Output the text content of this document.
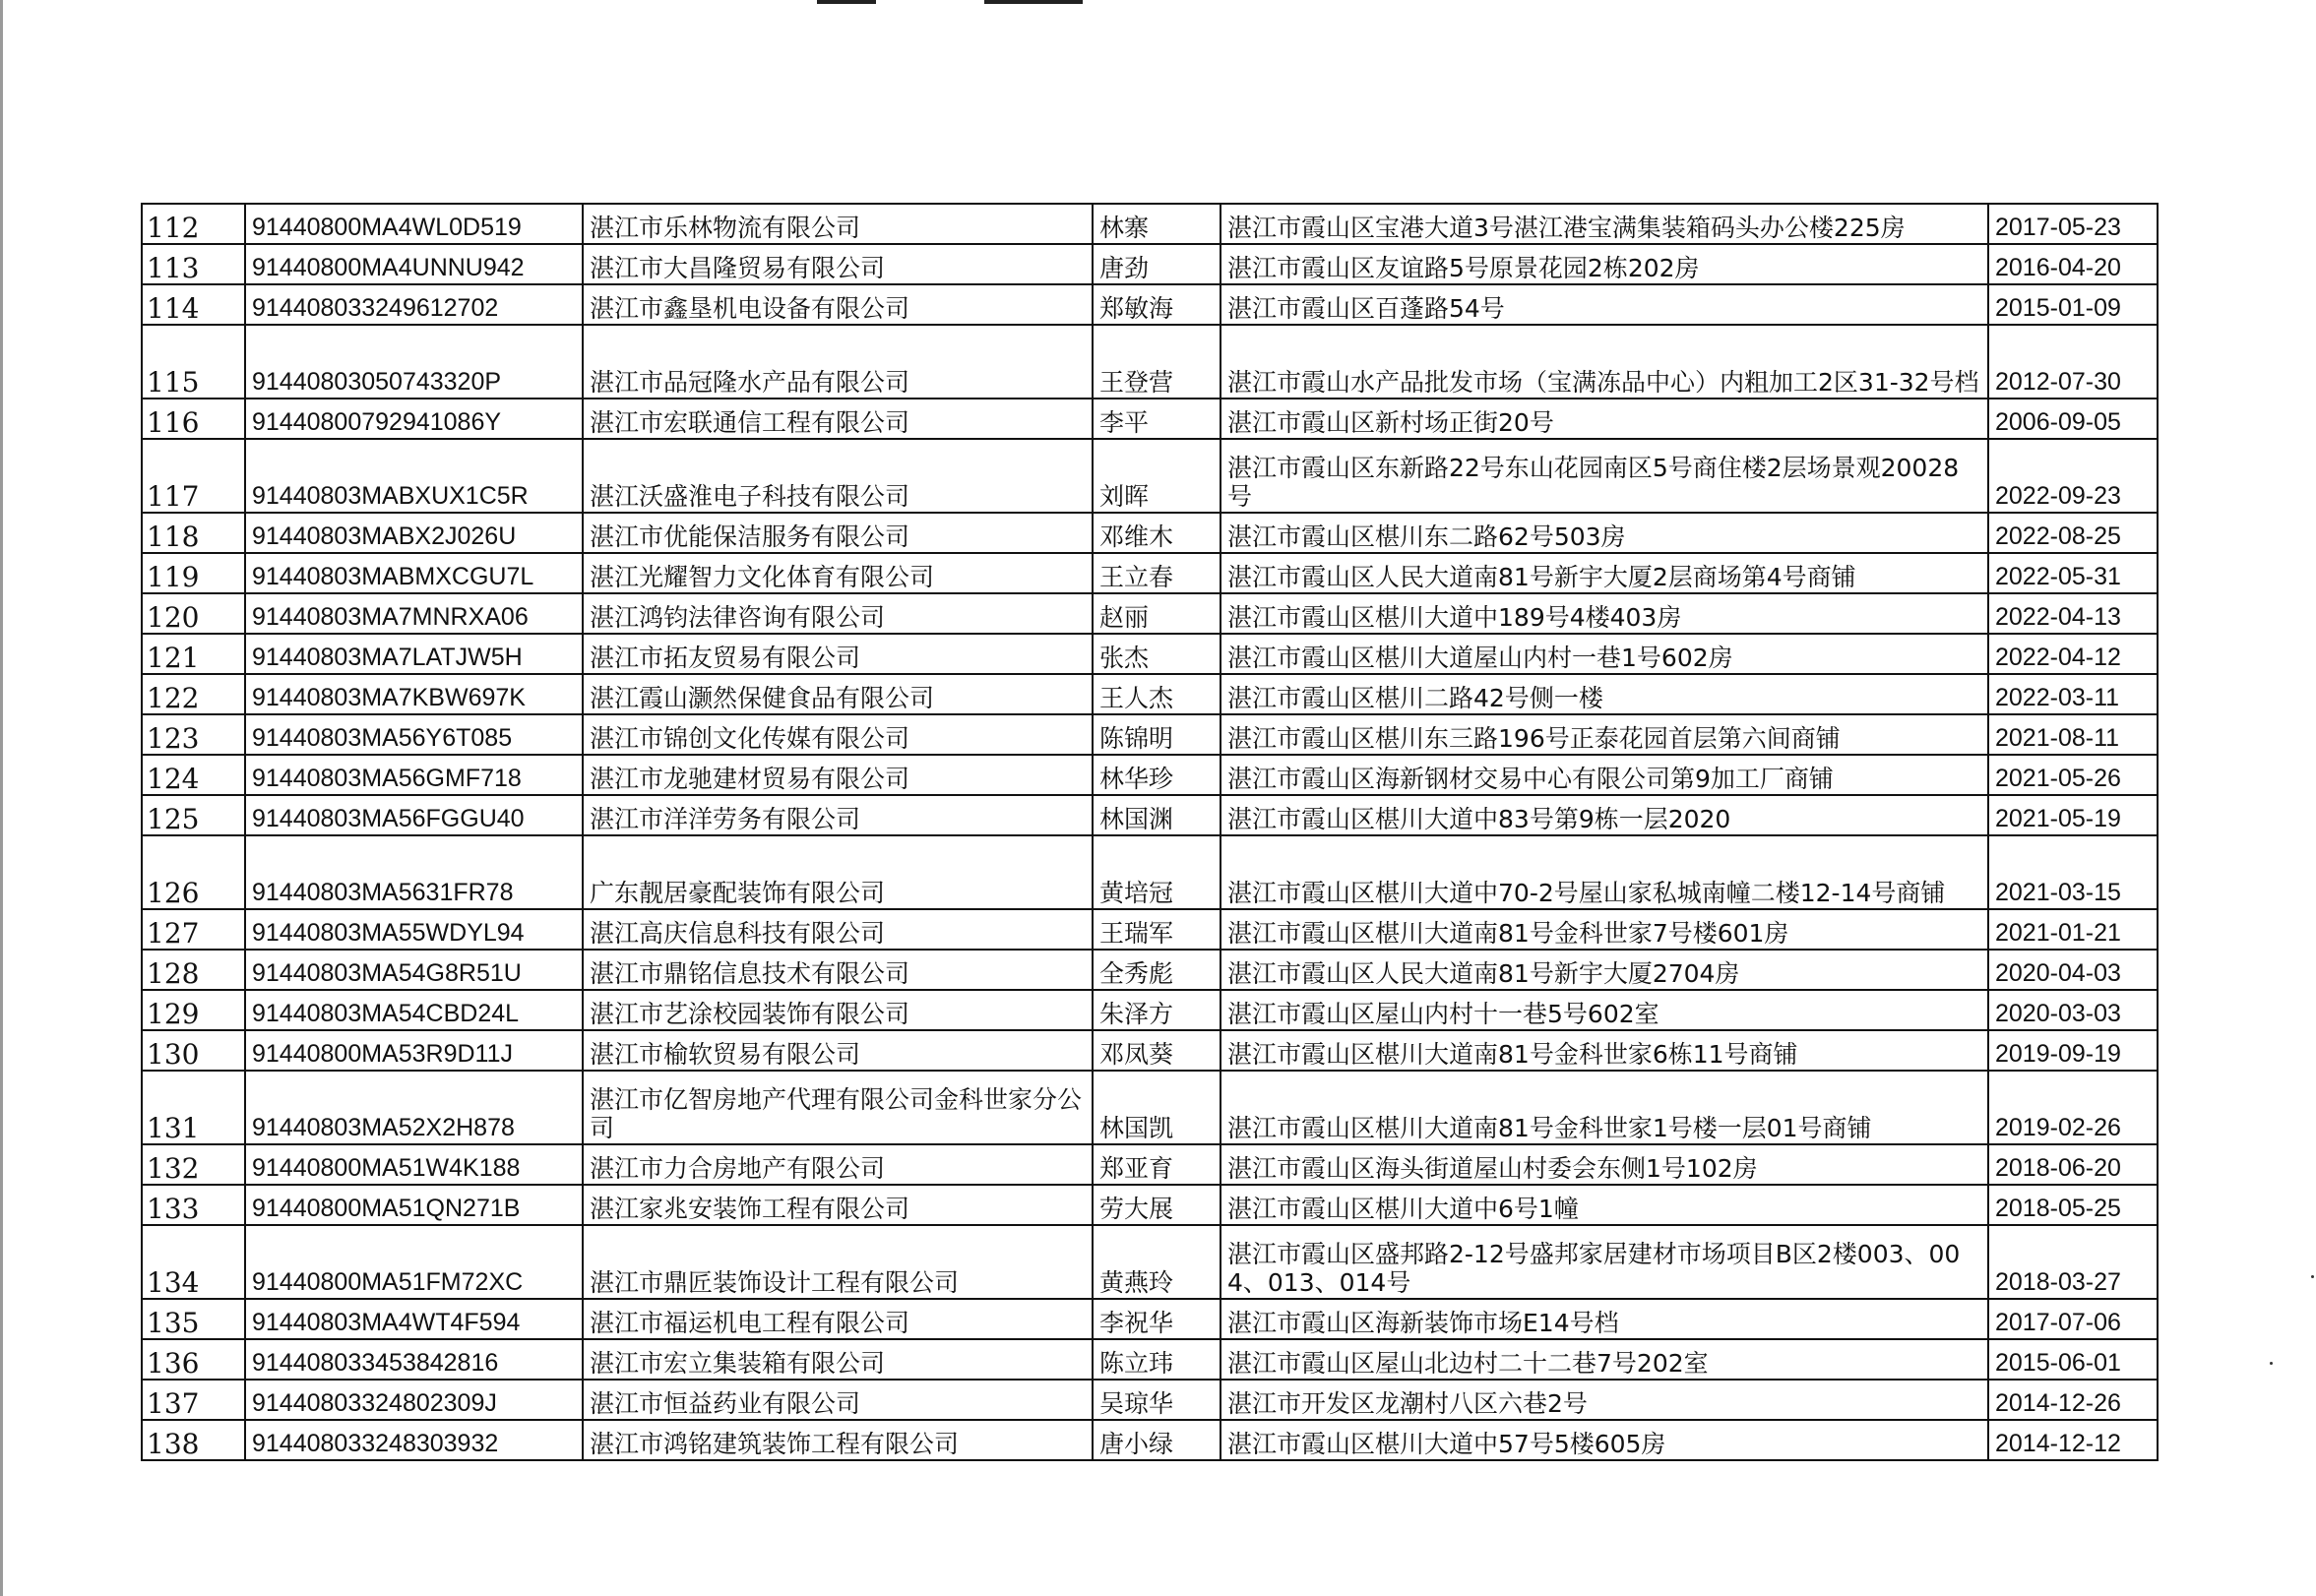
112	91440800MA4WL0D519	湛江市乐林物流有限公司	林寨	湛江市霞山区宝港大道3号湛江港宝满集装箱码头办公楼225房	2017-05-23
113	91440800MA4UNNU942	湛江市大昌隆贸易有限公司	唐劲	湛江市霞山区友谊路5号原景花园2栋202房	2016-04-20
114	914408033249612702	湛江市鑫垦机电设备有限公司	郑敏海	湛江市霞山区百蓬路54号	2015-01-09
115	91440803050743320P	湛江市品冠隆水产品有限公司	王登营	湛江市霞山水产品批发市场（宝满冻品中心）内粗加工2区31-32号档	2012-07-30
116	91440800792941086Y	湛江市宏联通信工程有限公司	李平	湛江市霞山区新村场正街20号	2006-09-05
117	91440803MABXUX1C5R	湛江沃盛淮电子科技有限公司	刘晖	湛江市霞山区东新路22号东山花园南区5号商住楼2层场景观20028号	2022-09-23
118	91440803MABX2J026U	湛江市优能保洁服务有限公司	邓维木	湛江市霞山区椹川东二路62号503房	2022-08-25
119	91440803MABMXCGU7L	湛江光耀智力文化体育有限公司	王立春	湛江市霞山区人民大道南81号新宇大厦2层商场第4号商铺	2022-05-31
120	91440803MA7MNRXA06	湛江鸿钧法律咨询有限公司	赵丽	湛江市霞山区椹川大道中189号4楼403房	2022-04-13
121	91440803MA7LATJW5H	湛江市拓友贸易有限公司	张杰	湛江市霞山区椹川大道屋山内村一巷1号602房	2022-04-12
122	91440803MA7KBW697K	湛江霞山灏然保健食品有限公司	王人杰	湛江市霞山区椹川二路42号侧一楼	2022-03-11
123	91440803MA56Y6T085	湛江市锦创文化传媒有限公司	陈锦明	湛江市霞山区椹川东三路196号正泰花园首层第六间商铺	2021-08-11
124	91440803MA56GMF718	湛江市龙驰建材贸易有限公司	林华珍	湛江市霞山区海新钢材交易中心有限公司第9加工厂商铺	2021-05-26
125	91440803MA56FGGU40	湛江市洋洋劳务有限公司	林国渊	湛江市霞山区椹川大道中83号第9栋一层2020	2021-05-19
126	91440803MA5631FR78	广东靓居豪配装饰有限公司	黄培冠	湛江市霞山区椹川大道中70-2号屋山家私城南幢二楼12-14号商铺	2021-03-15
127	91440803MA55WDYL94	湛江高庆信息科技有限公司	王瑞军	湛江市霞山区椹川大道南81号金科世家7号楼601房	2021-01-21
128	91440803MA54G8R51U	湛江市鼎铭信息技术有限公司	全秀彪	湛江市霞山区人民大道南81号新宇大厦2704房	2020-04-03
129	91440803MA54CBD24L	湛江市艺涂校园装饰有限公司	朱泽方	湛江市霞山区屋山内村十一巷5号602室	2020-03-03
130	91440800MA53R9D11J	湛江市榆软贸易有限公司	邓凤葵	湛江市霞山区椹川大道南81号金科世家6栋11号商铺	2019-09-19
131	91440803MA52X2H878	湛江市亿智房地产代理有限公司金科世家分公司	林国凯	湛江市霞山区椹川大道南81号金科世家1号楼一层01号商铺	2019-02-26
132	91440800MA51W4K188	湛江市力合房地产有限公司	郑亚育	湛江市霞山区海头街道屋山村委会东侧1号102房	2018-06-20
133	91440800MA51QN271B	湛江家兆安装饰工程有限公司	劳大展	湛江市霞山区椹川大道中6号1幢	2018-05-25
134	91440800MA51FM72XC	湛江市鼎匠装饰设计工程有限公司	黄燕玲	湛江市霞山区盛邦路2-12号盛邦家居建材市场项目B区2楼003、004、013、014号	2018-03-27
135	91440803MA4WT4F594	湛江市福运机电工程有限公司	李祝华	湛江市霞山区海新装饰市场E14号档	2017-07-06
136	914408033453842816	湛江市宏立集装箱有限公司	陈立玮	湛江市霞山区屋山北边村二十二巷7号202室	2015-06-01
137	91440803324802309J	湛江市恒益药业有限公司	吴琼华	湛江市开发区龙潮村八区六巷2号	2014-12-26
138	914408033248303932	湛江市鸿铭建筑装饰工程有限公司	唐小绿	湛江市霞山区椹川大道中57号5楼605房	2014-12-12
